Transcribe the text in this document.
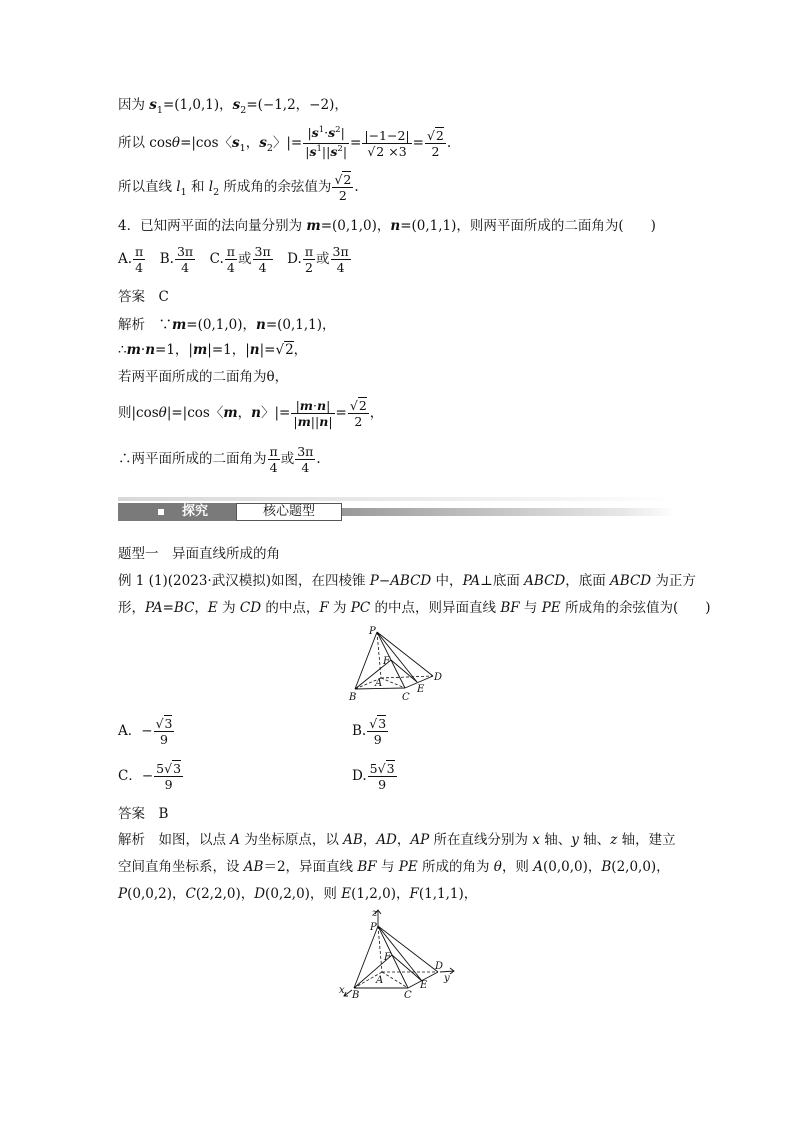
因为 $s_1=(1,0,1)$，$s_2=(-1,2$，−2)，
所以 cosθ=|cos〈$s_1$，$s_2$〉|= $\frac{|s^1\cdot s^2|}{|s^1||s^2|} = \frac{|-1-2|}{√2 \times 3} = \frac{√2}{2}$ .
所以直线 $l_1$ 和 $l_2$ 所成角的余弦值为 $\frac{√2}{2}$ .
4．已知两平面的法向量分别为 m=(0,1,0)，n=(0,1,1)，则两平面所成的二面角为(　　)
A. $\frac{\pi}{4}$ 　B. $\frac{3\pi}{4}$ 　C. $\frac{\pi}{4}$ 或 $\frac{3\pi}{4}$ 　D. $\frac{\pi}{2}$ 或 $\frac{3\pi}{4}$
答案　 C
解析　∵m=(0,1,0)，n=(0,1,1)，
∴m·n=1，|m|=1，|n|=√2，
若两平面所成的二面角为θ，
则|cosθ|=|cos〈m，n〉|= $\frac{|m\cdot n|}{|m||n|} = \frac{√2}{2}$ ，
∴两平面所成的二面角为 $\frac{\pi}{4}$ 或 $\frac{3\pi}{4}$ .
探究	核心题型
题型一　异面直线所成的角
例 1 (1)(2023·武汉模拟)如图，在四棱锥 P−ABCD 中，PA⊥底面 ABCD，底面 ABCD 为正方
形，PA=BC，E 为 CD 的中点，F 为 PC 的中点，则异面直线 BF 与 PE 所成角的余弦值为(　　)
P
F
A
B	C
E
D
A．− $\frac{√3}{9}$	B. $\frac{√3}{9}$
C．− $\frac{5√3}{9}$	D. $\frac{5√3}{9}$
答案　 B
解析　如图，以点 A 为坐标原点，以 AB，AD，AP 所在直线分别为 x 轴、y 轴、z 轴，建立
空间直角坐标系，设 AB＝2，异面直线 BF 与 PE 所成的角为 θ，则 A(0,0,0)，B(2,0,0)，
P(0,0,2)，C(2,2,0)，D(0,2,0)，则 E(1,2,0)，F(1,1,1)，
z
P
F
A
B	C
E
D
x
y
